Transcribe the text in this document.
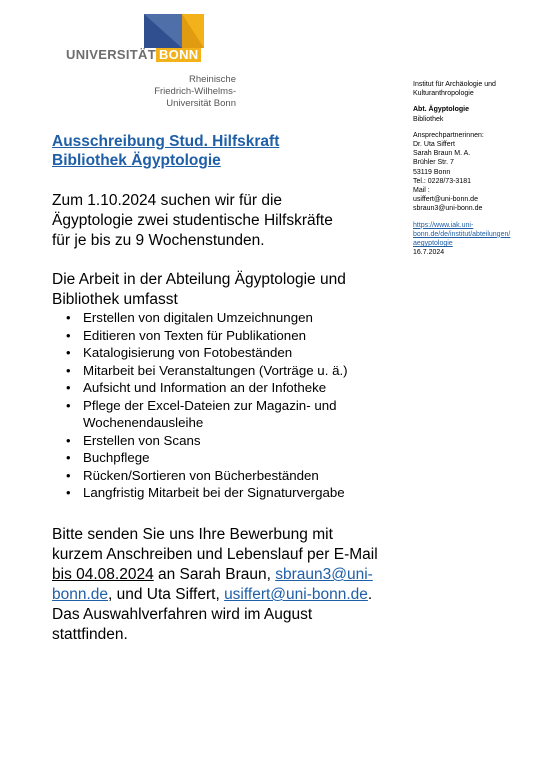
UNIVERSITÄT BONN
Rheinische
Friedrich-Wilhelms-
Universität Bonn
Institut für Archäologie und
Kulturanthropologie
Abt. Ägyptologie
Bibliothek
Ansprechpartnerinnen:
Dr. Uta Siffert
Sarah Braun M. A.
Brühler Str. 7
53119 Bonn
Tel.: 0228/73-3181
Mail :
usiffert@uni-bonn.de
sbraun3@uni-bonn.de
https://www.iak.uni-
bonn.de/de/institut/abteilungen/
aegyptologie
16.7.2024
Ausschreibung Stud. Hilfskraft
Bibliothek Ägyptologie
Zum 1.10.2024 suchen wir für die
Ägyptologie zwei studentische Hilfskräfte
für je bis zu 9 Wochenstunden.
Die Arbeit in der Abteilung Ägyptologie und
Bibliothek umfasst
• Erstellen von digitalen Umzeichnungen
• Editieren von Texten für Publikationen
• Katalogisierung von Fotobeständen
• Mitarbeit bei Veranstaltungen (Vorträge u. ä.)
• Aufsicht und Information an der Infotheke
• Pflege der Excel-Dateien zur Magazin- und
Wochenendausleihe
• Erstellen von Scans
• Buchpflege
• Rücken/Sortieren von Bücherbeständen
• Langfristig Mitarbeit bei der Signaturvergabe
Bitte senden Sie uns Ihre Bewerbung mit
kurzem Anschreiben und Lebenslauf per E-Mail
bis 04.08.2024 an Sarah Braun, sbraun3@uni-
bonn.de, und Uta Siffert, usiffert@uni-bonn.de.
Das Auswahlverfahren wird im August
stattfinden.
